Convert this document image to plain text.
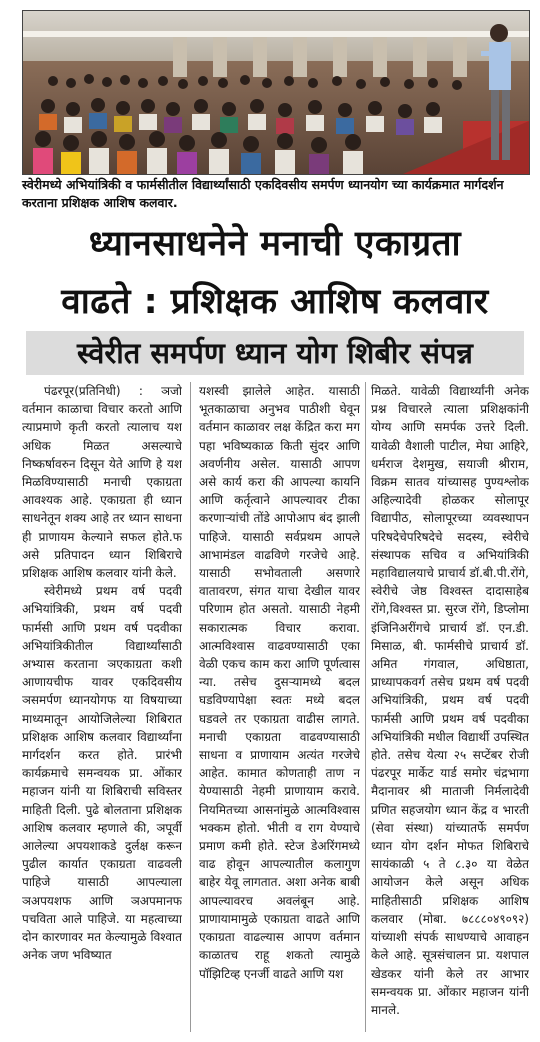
स्वेरीमध्ये अभियांत्रिकी व फार्मसीतील विद्यार्थ्यांसाठी एकदिवसीय समर्पण ध्यानयोग च्या कार्यक्रमात मार्गदर्शन करताना प्रशिक्षक आशिष कलवार.
ध्यानसाधनेने मनाची एकाग्रता
वाढते : प्रशिक्षक आशिष कलवार
स्वेरीत समर्पण ध्यान योग शिबीर संपन्न

पंढरपूर(प्रतिनिधी) : ञजो वर्तमान काळाचा विचार करतो आणि त्याप्रमाणे कृती करतो त्यालाच यश अधिक मिळत असल्याचे निष्कर्षावरुन दिसून येते आणि हे यश मिळविण्यासाठी मनाची एकाग्रता आवश्यक आहे. एकाग्रता ही ध्यान साधनेतून शक्य आहे तर ध्यान साधना ही प्राणायम केल्याने सफल होते.फ असे प्रतिपादन ध्यान शिबिराचे प्रशिक्षक आशिष कलवार यांनी केले.

स्वेरीमध्ये प्रथम वर्ष पदवी अभियांत्रिकी, प्रथम वर्ष पदवी फार्मसी आणि प्रथम वर्ष पदवीका अभियांत्रिकीतील विद्यार्थ्यांसाठी अभ्यास करताना ञएकाग्रता कशी आणायचीफ यावर एकदिवसीय ञसमर्पण ध्यानयोगफ या विषयाच्या माध्यमातून आयोजिलेल्या शिबिरात प्रशिक्षक आशिष कलवार विद्यार्थ्यांना मार्गदर्शन करत होते. प्रारंभी कार्यक्रमाचे समन्वयक प्रा. ओंकार महाजन यांनी या शिबिराची सविस्तर माहिती दिली. पुढे बोलताना प्रशिक्षक आशिष कलवार म्हणाले की, ञपूर्वी आलेल्या अपयशाकडे दुर्लक्ष करून पुढील कार्यात एकाग्रता वाढवली पाहिजे यासाठी आपल्याला ञअपयशफ आणि ञअपमानफ पचविता आले पाहिजे. या महत्वाच्या दोन कारणावर मत केल्यामुळे विश्वात अनेक जण भविष्यात

यशस्वी झालेले आहेत. यासाठी भूतकाळाचा अनुभव पाठीशी घेवून वर्तमान काळावर लक्ष केंद्रित करा मग पहा भविष्यकाळ किती सुंदर आणि अवर्णनीय असेल. यासाठी आपण असे कार्य करा की आपल्या कायनि आणि कर्तृत्वाने आपल्यावर टीका करणाऱ्यांची तोंडे आपोआप बंद झाली पाहिजे. यासाठी सर्वप्रथम आपले आभामंडल वाढविणे गरजेचे आहे. यासाठी सभोवताली असणारे वातावरण, संगत याचा देखील यावर परिणाम होत असतो. यासाठी नेहमी सकारात्मक विचार करावा. आत्मविश्वास वाढवण्यासाठी एका वेळी एकच काम करा आणि पूर्णत्वास न्या. तसेच दुसऱ्यामध्ये बदल घडविण्यापेक्षा स्वतः मध्ये बदल घडवले तर एकाग्रता वाढीस लागते. मनाची एकाग्रता वाढवण्यासाठी साधना व प्राणायाम अत्यंत गरजेचे आहेत. कामात कोणताही ताण न येण्यासाठी नेहमी प्राणायाम करावे. नियमितच्या आसनांमुळे आत्मविश्वास भक्कम होतो. भीती व राग येण्याचे प्रमाण कमी होते. स्टेज डेअरिंगमध्ये वाढ होवून आपल्यातील कलागुण बाहेर येवू लागतात. अशा अनेक बाबी आपल्यावरच अवलंबून आहे. प्राणायामामुळे एकाग्रता वाढते आणि एकाग्रता वाढल्यास आपण वर्तमान काळातच राहू शकतो त्यामुळे पॉझिटिव्ह एनर्जी वाढते आणि यश

मिळते. यावेळी विद्यार्थ्यांनी अनेक प्रश्न विचारले त्याला प्रशिक्षकांनी योग्य आणि समर्पक उत्तरे दिली. यावेळी वैशाली पाटील, मेघा आहिरे, धर्मराज देशमुख, सयाजी श्रीराम, विक्रम सातव यांच्यासह पुण्यश्लोक अहिल्यादेवी होळकर सोलापूर विद्यापीठ, सोलापूरच्या व्यवस्थापन परिषदेचेपरिषदेचे सदस्य, स्वेरीचे संस्थापक सचिव व अभियांत्रिकी महाविद्यालयाचे प्राचार्य डॉ.बी.पी.रोंगे, स्वेरीचे जेष्ठ विश्वस्त दादासाहेब रोंगे,विश्वस्त प्रा. सुरज रोंगे, डिप्लोमा इंजिनिअरींगचे प्राचार्य डॉ. एन.डी. मिसाळ, बी. फार्मसीचे प्राचार्य डॉ. अमित गंगवाल, अधिष्ठाता, प्राध्यापकवर्ग तसेच प्रथम वर्ष पदवी अभियांत्रिकी, प्रथम वर्ष पदवी फार्मसी आणि प्रथम वर्ष पदवीका अभियांत्रिकी मधील विद्यार्थी उपस्थित होते. तसेच येत्या २५ सप्टेंबर रोजी पंढरपूर मार्केट यार्ड समोर चंद्रभागा मैदानावर श्री माताजी निर्मलादेवी प्रणित सहजयोग ध्यान केंद्र व भारती (सेवा संस्था) यांच्यातर्फे समर्पण ध्यान योग दर्शन मोफत शिबिराचे सायंकाळी ५ ते ८.३० या वेळेत आयोजन केले असून अधिक माहितीसाठी प्रशिक्षक आशिष कलवार (मोबा. ७८८८०४९०९२) यांच्याशी संपर्क साधण्याचे आवाहन केले आहे. सूत्रसंचालन प्रा. यशपाल खेडकर यांनी केले तर आभार समन्वयक प्रा. ओंकार महाजन यांनी मानले.
